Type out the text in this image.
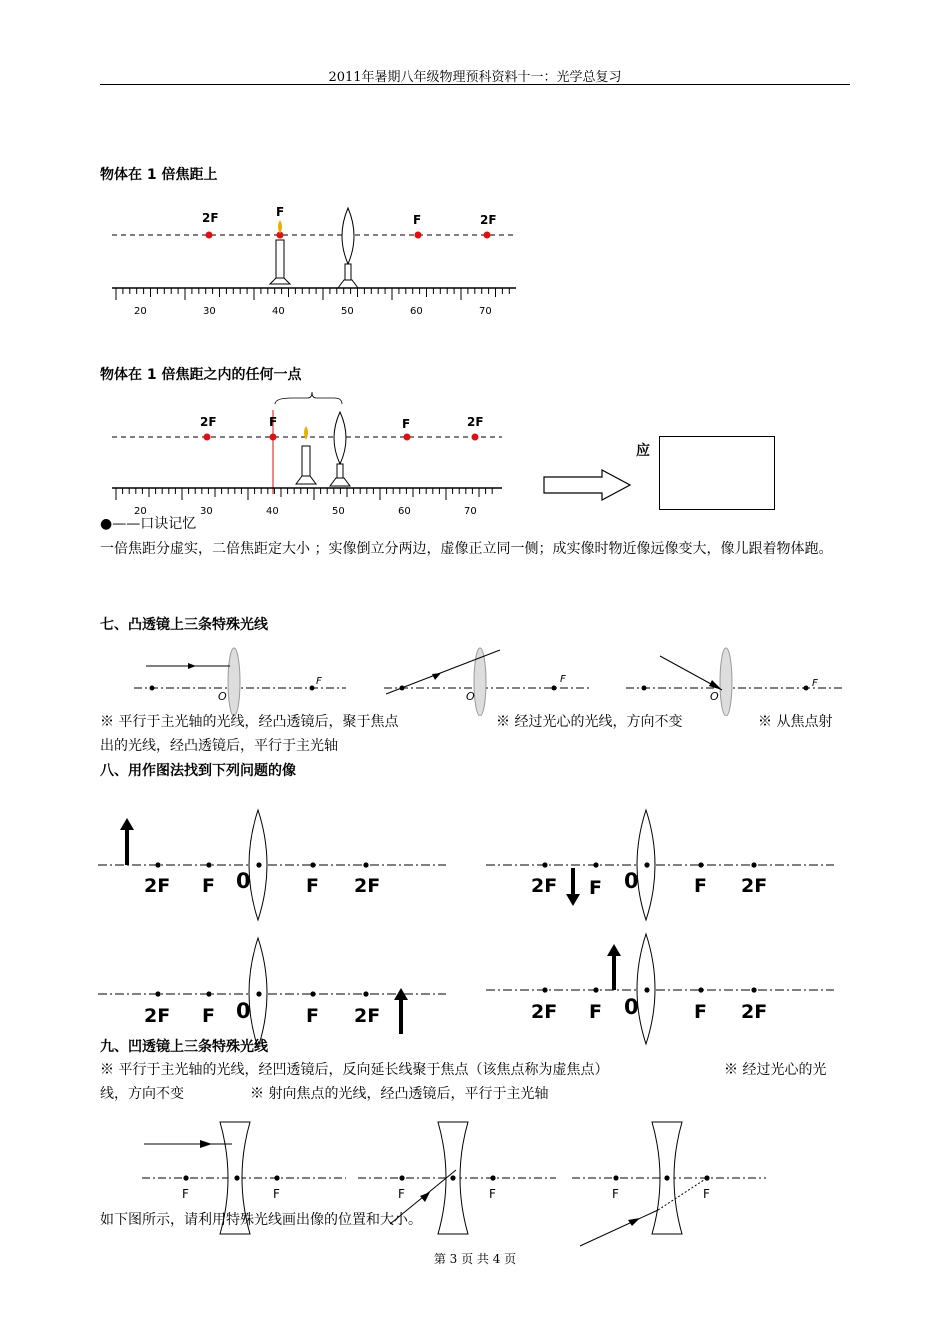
2011年暑期八年级物理预科资料十一：光学总复习
物体在 1 倍焦距上
2F	F
F	2F
20	30	40	50	60	70
物体在 1 倍焦距之内的任何一点
2F	F	F	2F
20	30	40	50	60	70
应
●——口诀记忆
一倍焦距分虚实，二倍焦距定大小 ；实像倒立分两边，虚像正立同一侧；成实像时物近像远像变大，像儿跟着物体跑。
七、凸透镜上三条特殊光线
O
F
O
F
O
F
※ 平行于主光轴的光线，经凸透镜后，聚于焦点	※ 经过光心的光线，方向不变	※ 从焦点射
出的光线，经凸透镜后，平行于主光轴
八、用作图法找到下列问题的像
2F F 0	F 2F	2F F 0	F 2F
2F F 0	F 2F	2F F 0	F 2F
九、凹透镜上三条特殊光线
※ 平行于主光轴的光线，经凹透镜后，反向延长线聚于焦点（该焦点称为虚焦点）	※ 经过光心的光
线，方向不变	※ 射向焦点的光线，经凸透镜后，平行于主光轴
F	F	F	F	F	F
如下图所示，请利用特殊光线画出像的位置和大小。
第 3 页 共 4 页
